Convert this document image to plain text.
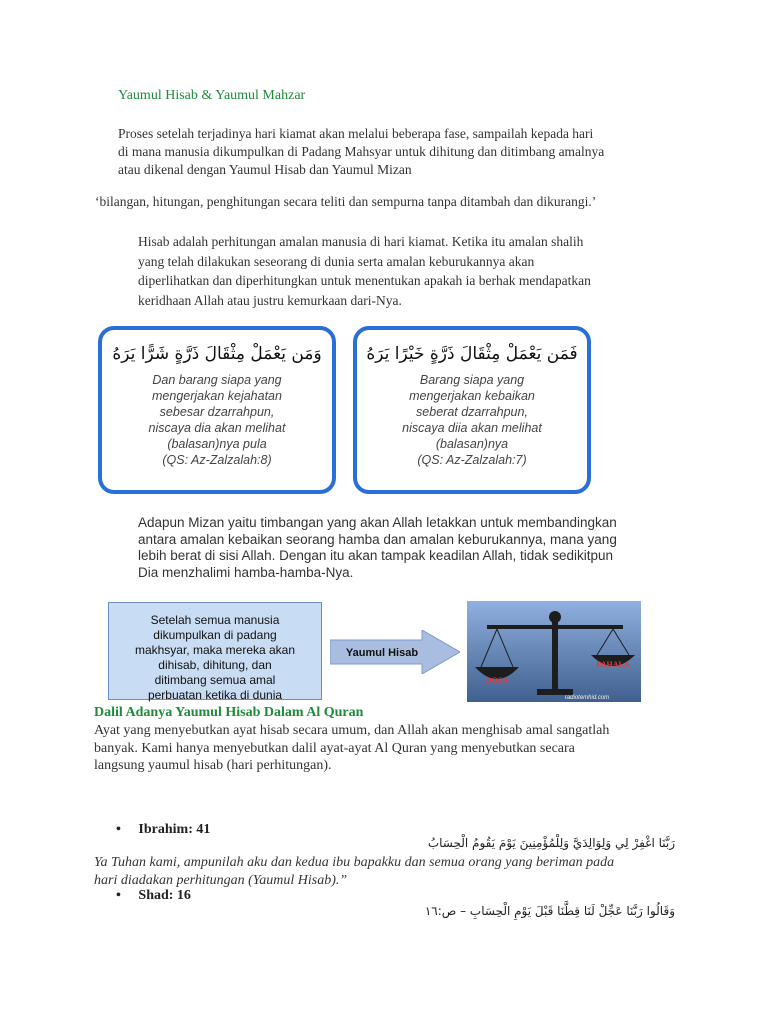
Yaumul Hisab & Yaumul Mahzar
Proses setelah terjadinya hari kiamat akan melalui beberapa fase, sampailah kepada hari
di mana manusia dikumpulkan di Padang Mahsyar untuk dihitung dan ditimbang amalnya
atau dikenal dengan Yaumul Hisab dan Yaumul Mizan
‘bilangan, hitungan, penghitungan secara teliti dan sempurna tanpa ditambah dan dikurangi.’
Hisab adalah perhitungan amalan manusia di hari kiamat. Ketika itu amalan shalih
yang telah dilakukan seseorang di dunia serta amalan keburukannya akan
diperlihatkan dan diperhitungkan untuk menentukan apakah ia berhak mendapatkan
keridhaan Allah atau justru kemurkaan dari-Nya.
وَمَن يَعْمَلْ مِثْقَالَ ذَرَّةٍ شَرًّا يَرَهُ
Dan barang siapa yang
mengerjakan kejahatan
sebesar dzarrahpun,
niscaya dia akan melihat
(balasan)nya pula
(QS: Az-Zalzalah:8)
فَمَن يَعْمَلْ مِثْقَالَ ذَرَّةٍ خَيْرًا يَرَهُ
Barang siapa yang
mengerjakan kebaikan
seberat dzarrahpun,
niscaya diia akan melihat
(balasan)nya
(QS: Az-Zalzalah:7)
Adapun Mizan yaitu timbangan yang akan Allah letakkan untuk membandingkan
antara amalan kebaikan seorang hamba dan amalan keburukannya, mana yang
lebih berat di sisi Allah. Dengan itu akan tampak keadilan Allah, tidak sedikitpun
Dia menzhalimi hamba-hamba-Nya.
Setelah semua manusia
dikumpulkan di padang
makhsyar, maka mereka akan
dihisab, dihitung, dan
ditimbang semua amal
perbuatan ketika di dunia
Yaumul Hisab
DOSA
PAHALA
radiotemhid.com
Dalil Adanya Yaumul Hisab Dalam Al Quran
Ayat yang menyebutkan ayat hisab secara umum, dan Allah akan menghisab amal sangatlah
banyak. Kami hanya menyebutkan dalil ayat-ayat Al Quran yang menyebutkan secara
langsung yaumul hisab (hari perhitungan).
• Ibrahim: 41
رَبَّنَا اغْفِرْ لِي وَلِوَالِدَيَّ وَلِلْمُؤْمِنِينَ يَوْمَ يَقُومُ الْحِسَابُ
Ya Tuhan kami, ampunilah aku dan kedua ibu bapakku dan semua orang yang beriman pada
hari diadakan perhitungan (Yaumul Hisab).”
• Shad: 16
وَقَالُوا رَبَّنَا عَجِّلْ لَنَا قِطَّنَا قَبْلَ يَوْمِ الْحِسَابِ – ص:١٦
